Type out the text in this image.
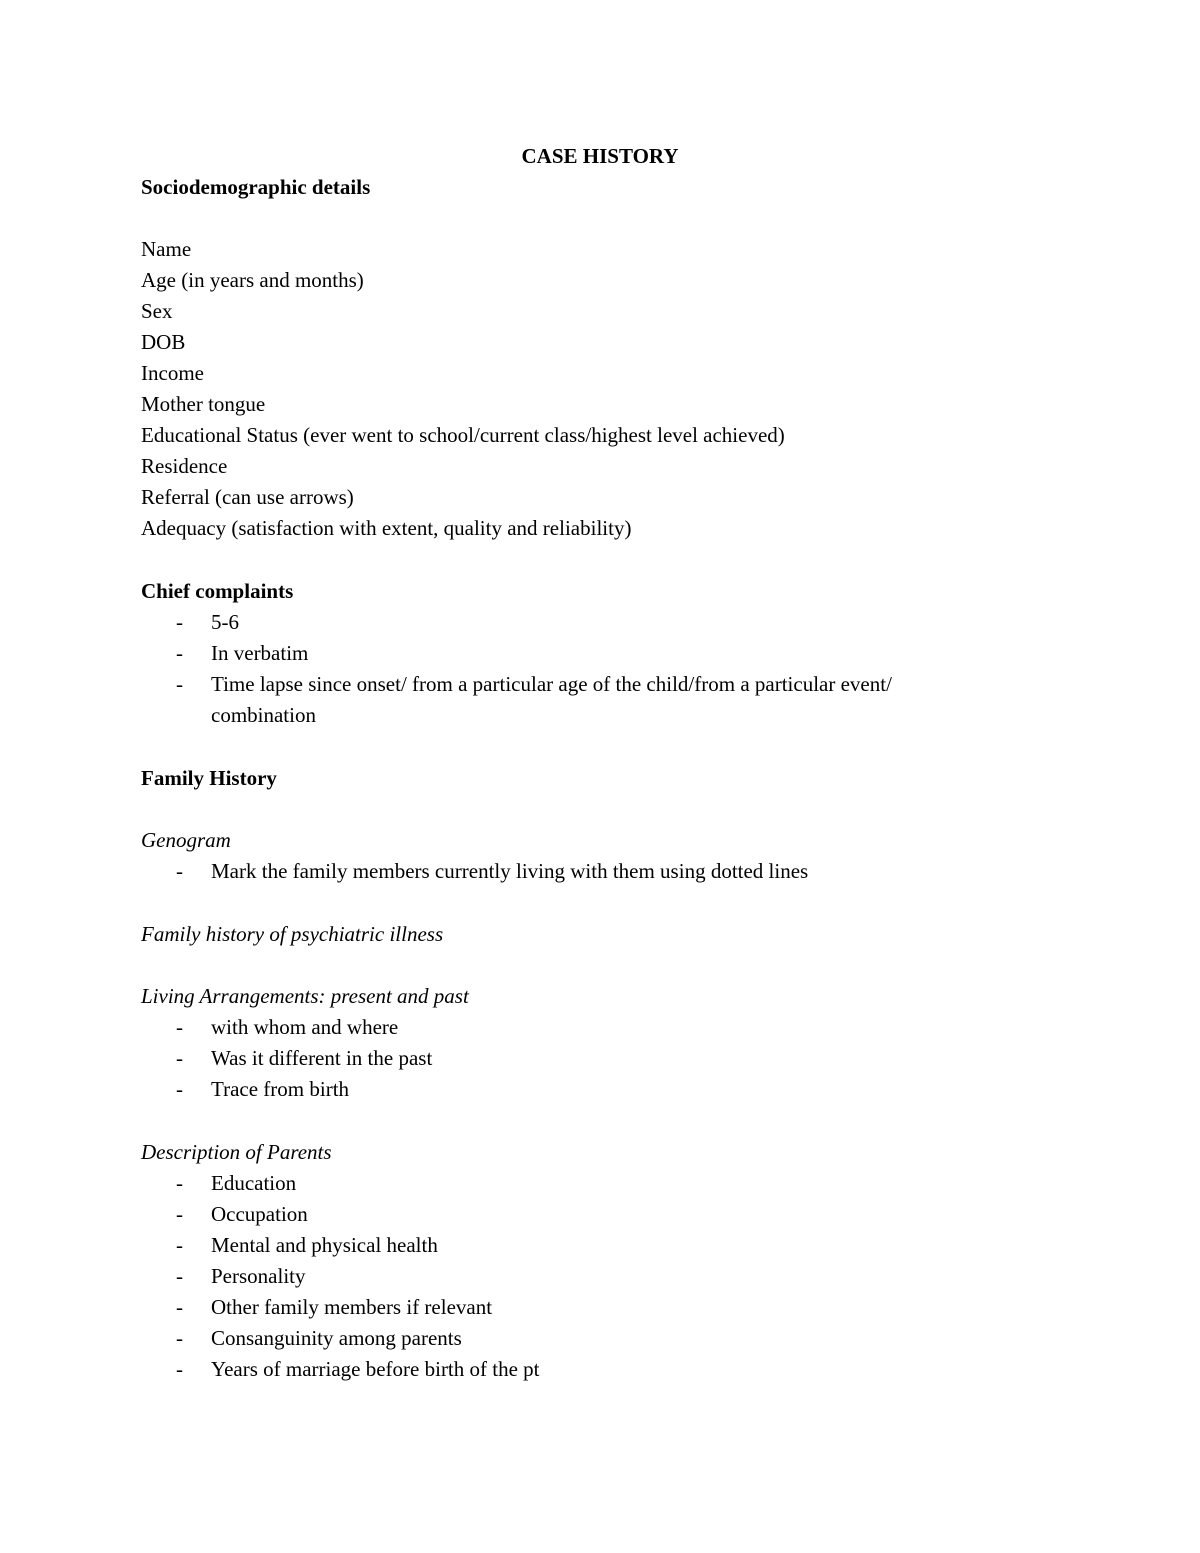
CASE HISTORY
Sociodemographic details
Name
Age (in years and months)
Sex
DOB
Income
Mother tongue
Educational Status (ever went to school/current class/highest level achieved)
Residence
Referral (can use arrows)
Adequacy (satisfaction with extent, quality and reliability)
Chief complaints
- 5-6
- In verbatim
- Time lapse since onset/ from a particular age of the child/from a particular event/
combination
Family History
Genogram
- Mark the family members currently living with them using dotted lines
Family history of psychiatric illness
Living Arrangements: present and past
- with whom and where
- Was it different in the past
- Trace from birth
Description of Parents
- Education
- Occupation
- Mental and physical health
- Personality
- Other family members if relevant
- Consanguinity among parents
- Years of marriage before birth of the pt
